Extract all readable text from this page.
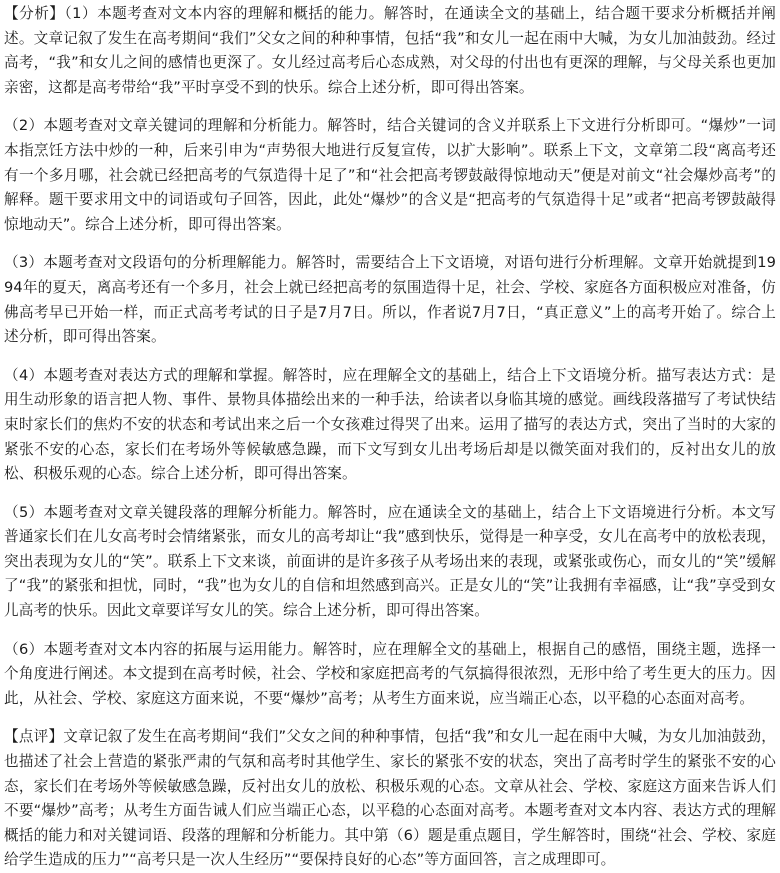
【分析】（1）本题考查对文本内容的理解和概括的能力。解答时，在通读全文的基础上，结合题干要求分析概括并阐述。文章记叙了发生在高考期间“我们”父女之间的种种事情，包括“我”和女儿一起在雨中大喊，为女儿加油鼓劲。经过高考，“我”和女儿之间的感情也更深了。女儿经过高考后心态成熟，对父母的付出也有更深的理解，与父母关系也更加亲密，这都是高考带给“我”平时享受不到的快乐。综合上述分析，即可得出答案。

（2）本题考查对文章关键词的理解和分析能力。解答时，结合关键词的含义并联系上下文进行分析即可。“爆炒”一词本指烹饪方法中炒的一种，后来引申为“声势很大地进行反复宣传，以扩大影响”。联系上下文，文章第二段“离高考还有一个多月哪，社会就已经把高考的气氛造得十足了”和“社会把高考锣鼓敲得惊地动天”便是对前文“社会爆炒高考”的解释。题干要求用文中的词语或句子回答，因此，此处“爆炒”的含义是“把高考的气氛造得十足”或者“把高考锣鼓敲得惊地动天”。综合上述分析，即可得出答案。

（3）本题考查对文段语句的分析理解能力。解答时，需要结合上下文语境，对语句进行分析理解。文章开始就提到1994年的夏天，离高考还有一个多月，社会上就已经把高考的氛围造得十足，社会、学校、家庭各方面积极应对准备，仿佛高考早已开始一样，而正式高考考试的日子是7月7日。所以，作者说7月7日，“真正意义”上的高考开始了。综合上述分析，即可得出答案。

（4）本题考查对表达方式的理解和掌握。解答时，应在理解全文的基础上，结合上下文语境分析。描写表达方式：是用生动形象的语言把人物、事件、景物具体描绘出来的一种手法，给读者以身临其境的感觉。画线段落描写了考试快结束时家长们的焦灼不安的状态和考试出来之后一个女孩难过得哭了出来。运用了描写的表达方式，突出了当时的大家的紧张不安的心态，家长们在考场外等候敏感急躁，而下文写到女儿出考场后却是以微笑面对我们的，反衬出女儿的放松、积极乐观的心态。综合上述分析，即可得出答案。

（5）本题考查对文章关键段落的理解分析能力。解答时，应在通读全文的基础上，结合上下文语境进行分析。本文写普通家长们在儿女高考时会情绪紧张，而女儿的高考却让“我”感到快乐，觉得是一种享受，女儿在高考中的放松表现，突出表现为女儿的“笑”。联系上下文来谈，前面讲的是许多孩子从考场出来的表现，或紧张或伤心，而女儿的“笑”缓解了“我”的紧张和担忧，同时，“我”也为女儿的自信和坦然感到高兴。正是女儿的“笑”让我拥有幸福感，让“我”享受到女儿高考的快乐。因此文章要详写女儿的笑。综合上述分析，即可得出答案。

（6）本题考查对文本内容的拓展与运用能力。解答时，应在理解全文的基础上，根据自己的感悟，围绕主题，选择一个角度进行阐述。本文提到在高考时候，社会、学校和家庭把高考的气氛搞得很浓烈，无形中给了考生更大的压力。因此，从社会、学校、家庭这方面来说，不要“爆炒”高考；从考生方面来说，应当端正心态，以平稳的心态面对高考。

【点评】文章记叙了发生在高考期间“我们”父女之间的种种事情，包括“我”和女儿一起在雨中大喊，为女儿加油鼓劲，也描述了社会上营造的紧张严肃的气氛和高考时其他学生、家长的紧张不安的状态，突出了高考时学生的紧张不安的心态，家长们在考场外等候敏感急躁，反衬出女儿的放松、积极乐观的心态。文章从社会、学校、家庭这方面来告诉人们不要“爆炒”高考；从考生方面告诫人们应当端正心态，以平稳的心态面对高考。本题考查对文本内容、表达方式的理解概括的能力和对关键词语、段落的理解和分析能力。其中第（6）题是重点题目，学生解答时，围绕“社会、学校、家庭给学生造成的压力”“高考只是一次人生经历”“要保持良好的心态”等方面回答，言之成理即可。
